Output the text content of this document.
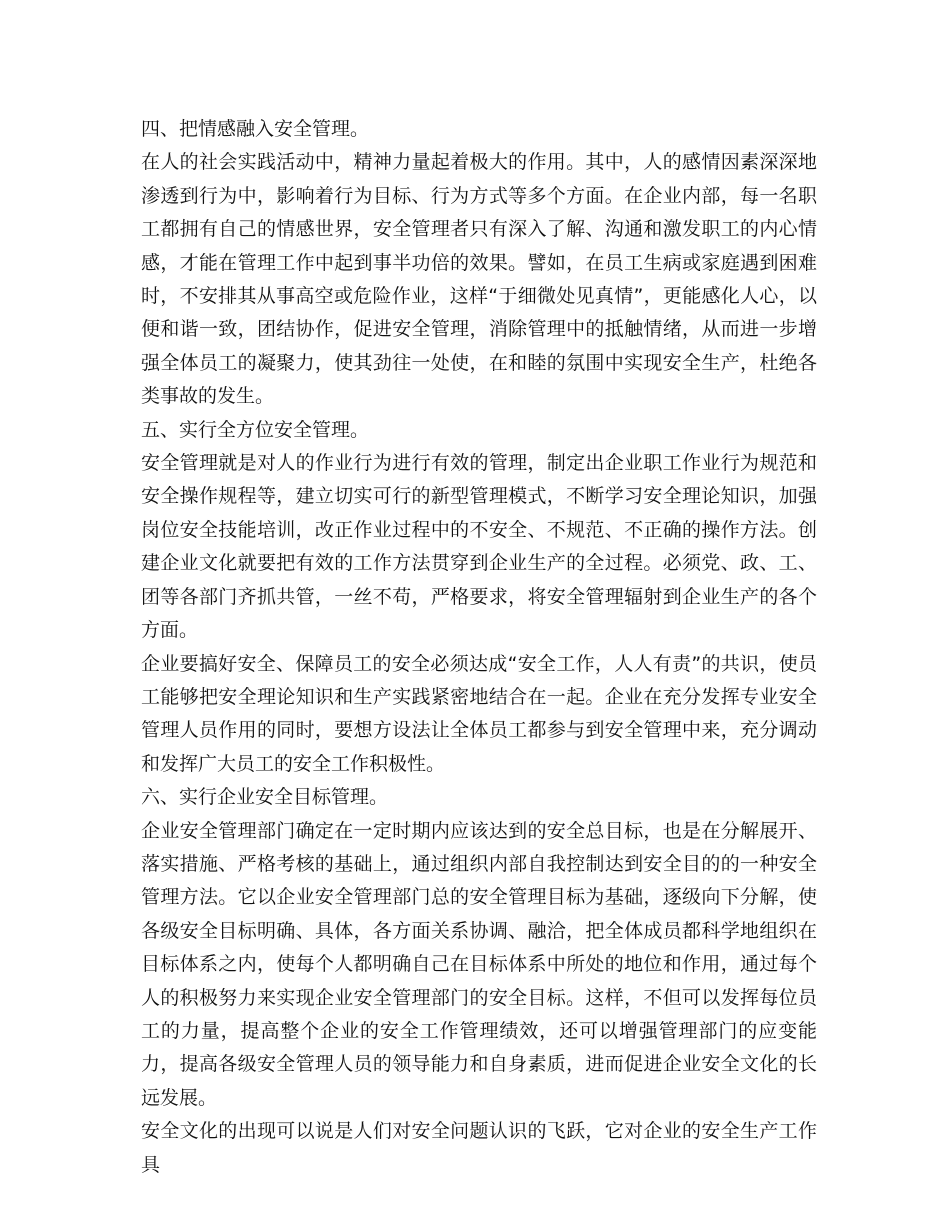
四、把情感融入安全管理。

在人的社会实践活动中，精神力量起着极大的作用。其中，人的感情因素深深地渗透到行为中，影响着行为目标、行为方式等多个方面。在企业内部，每一名职工都拥有自己的情感世界，安全管理者只有深入了解、沟通和激发职工的内心情感，才能在管理工作中起到事半功倍的效果。譬如，在员工生病或家庭遇到困难时，不安排其从事高空或危险作业，这样“于细微处见真情”，更能感化人心，以便和谐一致，团结协作，促进安全管理，消除管理中的抵触情绪，从而进一步增强全体员工的凝聚力，使其劲往一处使，在和睦的氛围中实现安全生产，杜绝各类事故的发生。

五、实行全方位安全管理。

安全管理就是对人的作业行为进行有效的管理，制定出企业职工作业行为规范和安全操作规程等，建立切实可行的新型管理模式，不断学习安全理论知识，加强岗位安全技能培训，改正作业过程中的不安全、不规范、不正确的操作方法。创建企业文化就要把有效的工作方法贯穿到企业生产的全过程。必须党、政、工、团等各部门齐抓共管，一丝不苟，严格要求，将安全管理辐射到企业生产的各个方面。

企业要搞好安全、保障员工的安全必须达成“安全工作，人人有责”的共识，使员工能够把安全理论知识和生产实践紧密地结合在一起。企业在充分发挥专业安全管理人员作用的同时，要想方设法让全体员工都参与到安全管理中来，充分调动和发挥广大员工的安全工作积极性。

六、实行企业安全目标管理。

企业安全管理部门确定在一定时期内应该达到的安全总目标，也是在分解展开、落实措施、严格考核的基础上，通过组织内部自我控制达到安全目的的一种安全管理方法。它以企业安全管理部门总的安全管理目标为基础，逐级向下分解，使各级安全目标明确、具体，各方面关系协调、融洽，把全体成员都科学地组织在目标体系之内，使每个人都明确自己在目标体系中所处的地位和作用，通过每个人的积极努力来实现企业安全管理部门的安全目标。这样，不但可以发挥每位员工的力量，提高整个企业的安全工作管理绩效，还可以增强管理部门的应变能力，提高各级安全管理人员的领导能力和自身素质，进而促进企业安全文化的长远发展。

安全文化的出现可以说是人们对安全问题认识的飞跃，它对企业的安全生产工作具
